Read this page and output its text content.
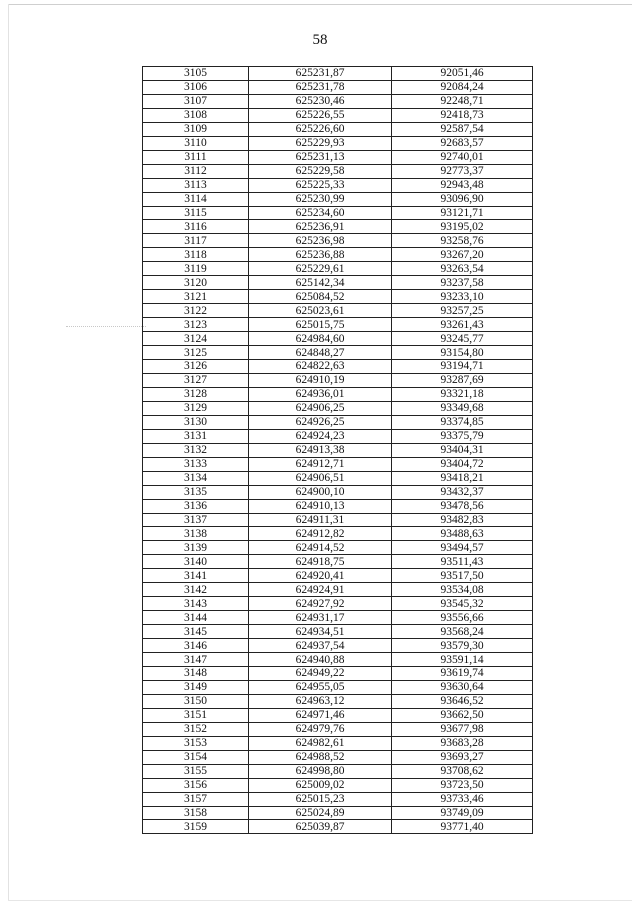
58
3105	625231,87	92051,46
3106	625231,78	92084,24
3107	625230,46	92248,71
3108	625226,55	92418,73
3109	625226,60	92587,54
3110	625229,93	92683,57
3111	625231,13	92740,01
3112	625229,58	92773,37
3113	625225,33	92943,48
3114	625230,99	93096,90
3115	625234,60	93121,71
3116	625236,91	93195,02
3117	625236,98	93258,76
3118	625236,88	93267,20
3119	625229,61	93263,54
3120	625142,34	93237,58
3121	625084,52	93233,10
3122	625023,61	93257,25
3123	625015,75	93261,43
3124	624984,60	93245,77
3125	624848,27	93154,80
3126	624822,63	93194,71
3127	624910,19	93287,69
3128	624936,01	93321,18
3129	624906,25	93349,68
3130	624926,25	93374,85
3131	624924,23	93375,79
3132	624913,38	93404,31
3133	624912,71	93404,72
3134	624906,51	93418,21
3135	624900,10	93432,37
3136	624910,13	93478,56
3137	624911,31	93482,83
3138	624912,82	93488,63
3139	624914,52	93494,57
3140	624918,75	93511,43
3141	624920,41	93517,50
3142	624924,91	93534,08
3143	624927,92	93545,32
3144	624931,17	93556,66
3145	624934,51	93568,24
3146	624937,54	93579,30
3147	624940,88	93591,14
3148	624949,22	93619,74
3149	624955,05	93630,64
3150	624963,12	93646,52
3151	624971,46	93662,50
3152	624979,76	93677,98
3153	624982,61	93683,28
3154	624988,52	93693,27
3155	624998,80	93708,62
3156	625009,02	93723,50
3157	625015,23	93733,46
3158	625024,89	93749,09
3159	625039,87	93771,40
